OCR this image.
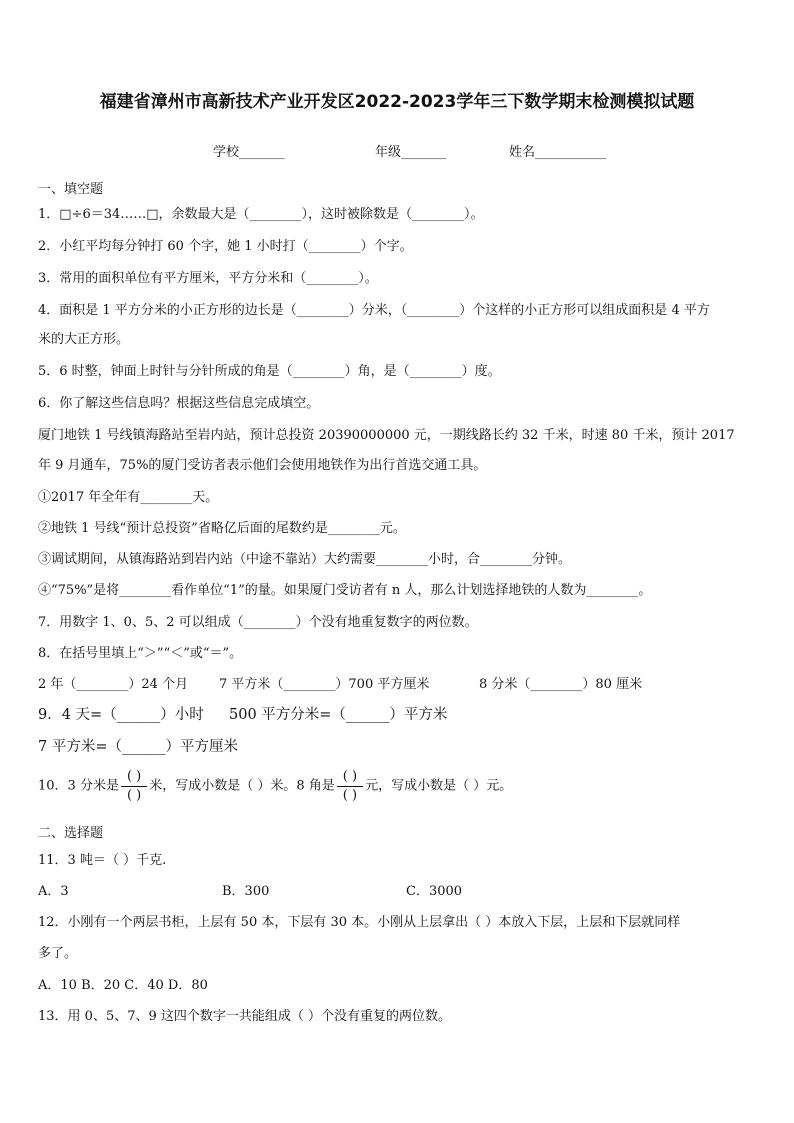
福建省漳州市高新技术产业开发区2022-2023学年三下数学期末检测模拟试题
学校_______	年级_______	姓名___________
一、填空题
1．□÷6＝34……□，余数最大是（________），这时被除数是（________）。
2．小红平均每分钟打 60 个字，她 1 小时打（________）个字。
3．常用的面积单位有平方厘米，平方分米和（________）。
4．面积是 1 平方分米的小正方形的边长是（________）分米，（________）个这样的小正方形可以组成面积是 4 平方
米的大正方形。
5．6 时整，钟面上时针与分针所成的角是（________）角，是（________）度。
6．你了解这些信息吗？根据这些信息完成填空。
厦门地铁 1 号线镇海路站至岩内站，预计总投资 20390000000 元，一期线路长约 32 千米，时速 80 千米，预计 2017
年 9 月通车，75%的厦门受访者表示他们会使用地铁作为出行首选交通工具。
①2017 年全年有________天。
②地铁 1 号线“预计总投资”省略亿后面的尾数约是________元。
③调试期间，从镇海路站到岩内站（中途不靠站）大约需要________小时，合________分钟。
④“75%”是将________看作单位“1”的量。如果厦门受访者有 n 人，那么计划选择地铁的人数为________。
7．用数字 1、0、5、2 可以组成（________）个没有地重复数字的两位数。
8．在括号里填上“＞”“＜”或“＝”。
2 年（________）24 个月 7 平方米（________）700 平方厘米	8 分米（________）80 厘米
9．4 天=（______）小时 500 平方分米=（______）平方米
7 平方米=（______）平方厘米
10．3 分米是 $\frac{( )}{( )}$ 米，写成小数是（ ）米。8 角是 $\frac{( )}{( )}$ 元，写成小数是（ ）元。
二、选择题
11．3 吨＝（ ）千克.
A．3	B．300	C．3000
12．小刚有一个两层书柜，上层有 50 本，下层有 30 本。小刚从上层拿出（ ）本放入下层，上层和下层就同样
多了。
A．10 B．20 C．40 D．80
13．用 0、5、7、9 这四个数字一共能组成（ ）个没有重复的两位数。
